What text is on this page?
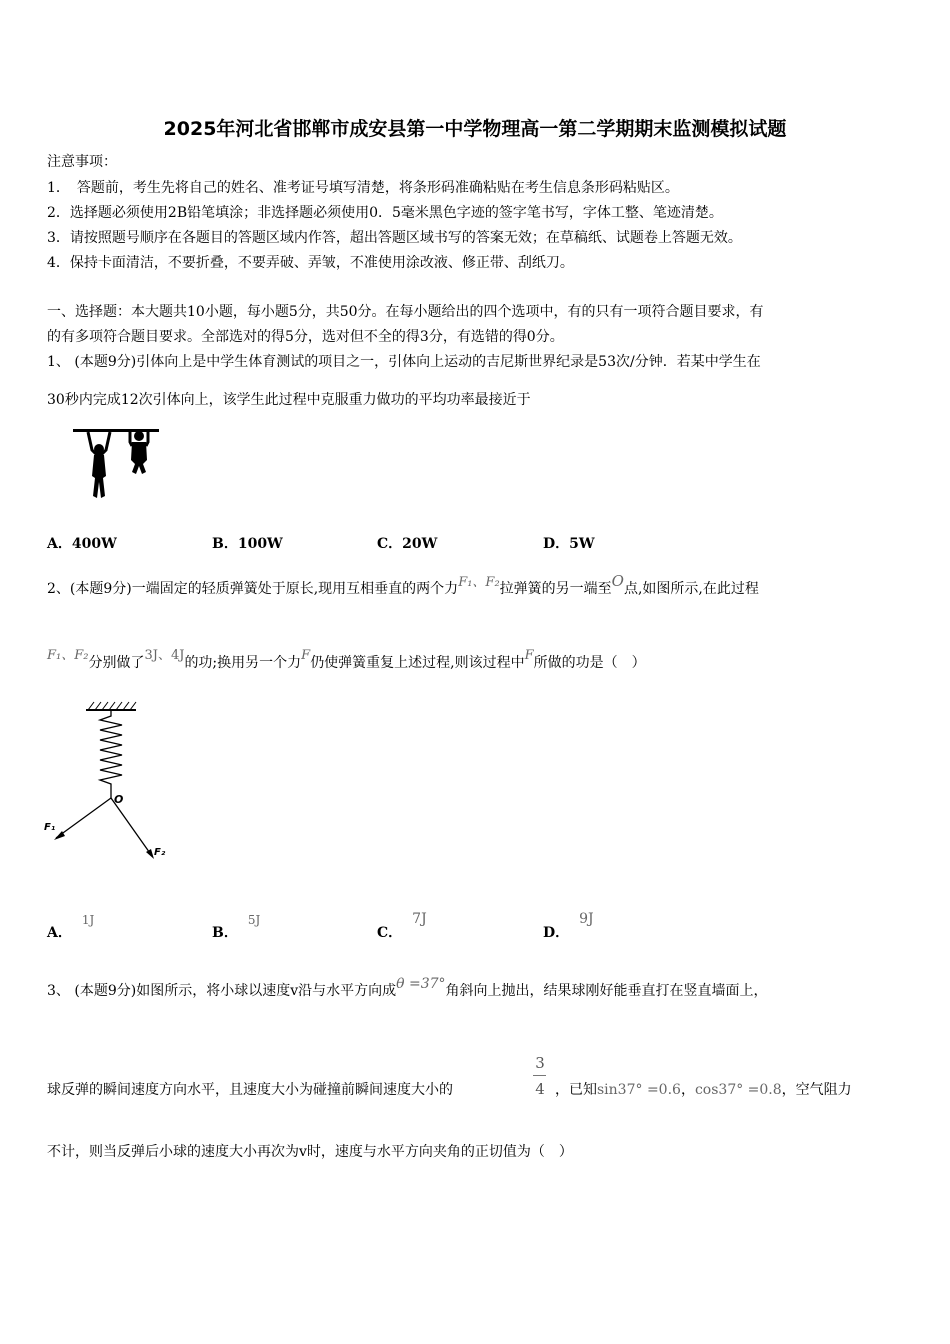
2025年河北省邯郸市成安县第一中学物理高一第二学期期末监测模拟试题
注意事项：
1．　答题前，考生先将自己的姓名、准考证号填写清楚，将条形码准确粘贴在考生信息条形码粘贴区。
2．选择题必须使用2B铅笔填涂；非选择题必须使用0．5毫米黑色字迹的签字笔书写，字体工整、笔迹清楚。
3．请按照题号顺序在各题目的答题区域内作答，超出答题区域书写的答案无效；在草稿纸、试题卷上答题无效。
4．保持卡面清洁，不要折叠，不要弄破、弄皱，不准使用涂改液、修正带、刮纸刀。
一、选择题：本大题共10小题，每小题5分，共50分。在每小题给出的四个选项中，有的只有一项符合题目要求，有
的有多项符合题目要求。全部选对的得5分，选对但不全的得3分，有选错的得0分。
1、 (本题9分)引体向上是中学生体育测试的项目之一，引体向上运动的吉尼斯世界纪录是53次/分钟．若某中学生在
30秒内完成12次引体向上，该学生此过程中克服重力做功的平均功率最接近于
A．400W	B．100W	C．20W	D．5W
2、(本题9分)一端固定的轻质弹簧处于原长,现用互相垂直的两个力F₁、F₂拉弹簧的另一端至O点,如图所示,在此过程
F₁、F₂分别做了3J、4J的功;换用另一个力F仍使弹簧重复上述过程,则该过程中F所做的功是（　）
O
F₁
F₂
A．1J
B．5J
C．7J
D．9J
3、 (本题9分)如图所示，将小球以速度v沿与水平方向成θ =37°角斜向上抛出，结果球刚好能垂直打在竖直墙面上，
球反弹的瞬间速度方向水平，且速度大小为碰撞前瞬间速度大小的
3
4 ，已知sin37° =0.6，cos37° =0.8，空气阻力
不计，则当反弹后小球的速度大小再次为v时，速度与水平方向夹角的正切值为（　）
